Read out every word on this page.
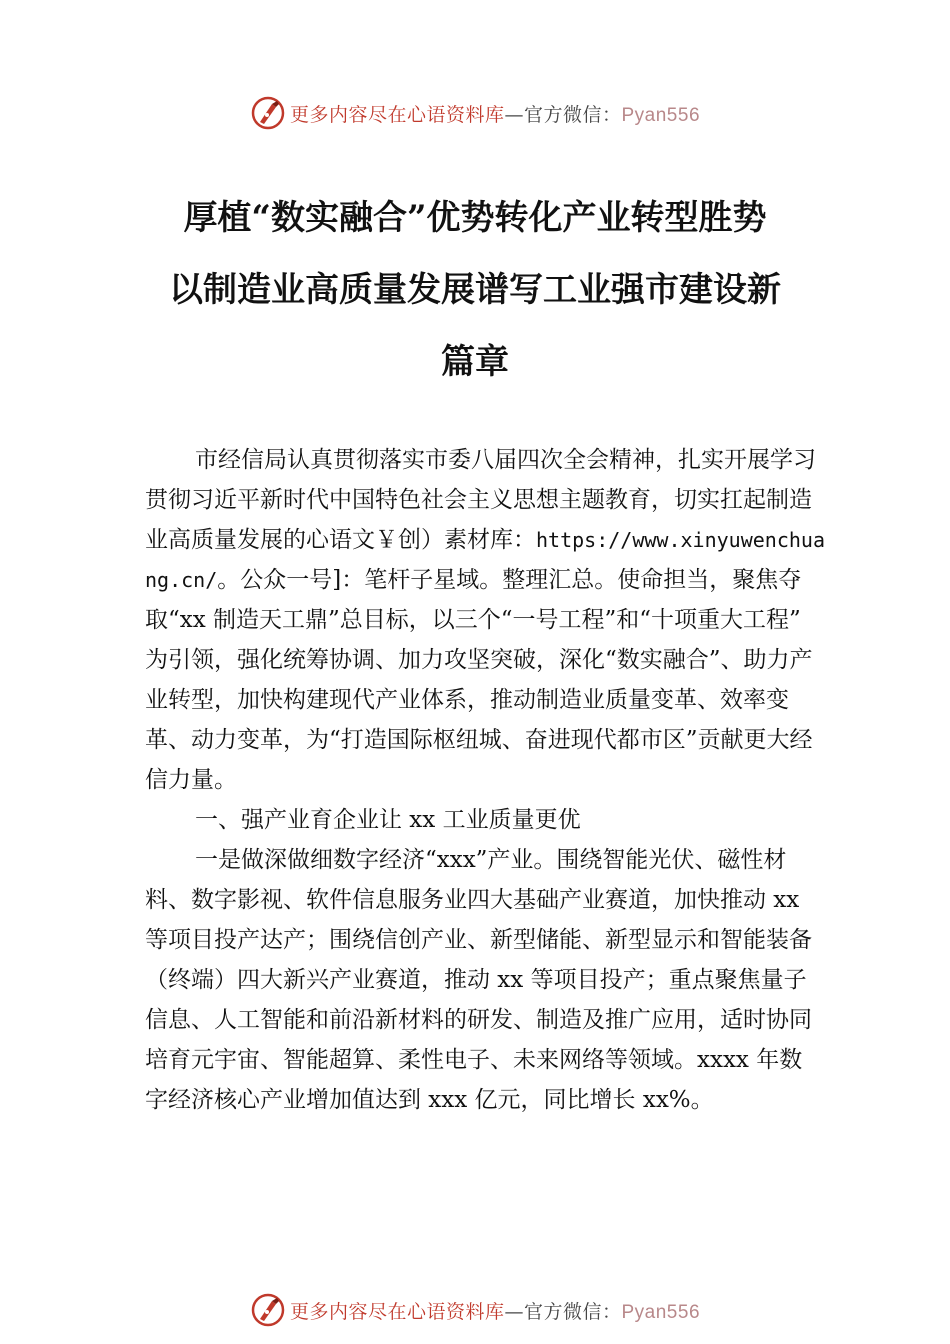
更多内容尽在心语资料库—官方微信：Pyan556
厚植“数实融合”优势转化产业转型胜势
以制造业高质量发展谱写工业强市建设新
篇章

市经信局认真贯彻落实市委八届四次全会精神，扎实开展学习贯彻习近平新时代中国特色社会主义思想主题教育，切实扛起制造业高质量发展的心语文￥创）素材库：https://www.xinyuwenchuang.cn/。公众一号]：笔杆子星域。整理汇总。使命担当，聚焦夺取“xx 制造天工鼎”总目标，以三个“一号工程”和“十项重大工程” 为引领，强化统筹协调、加力攻坚突破，深化“数实融合”、助力产业转型，加快构建现代产业体系，推动制造业质量变革、效率变革、动力变革，为“打造国际枢纽城、奋进现代都市区”贡献更大经信力量。

一、强产业育企业让 xx 工业质量更优

一是做深做细数字经济“xxx”产业。围绕智能光伏、磁性材料、数字影视、软件信息服务业四大基础产业赛道，加快推动 xx 等项目投产达产；围绕信创产业、新型储能、新型显示和智能装备（终端）四大新兴产业赛道，推动 xx 等项目投产；重点聚焦量子信息、人工智能和前沿新材料的研发、制造及推广应用，适时协同培育元宇宙、智能超算、柔性电子、未来网络等领域。xxxx 年数字经济核心产业增加值达到 xxx 亿元，同比增长 xx%。

更多内容尽在心语资料库—官方微信：Pyan556
